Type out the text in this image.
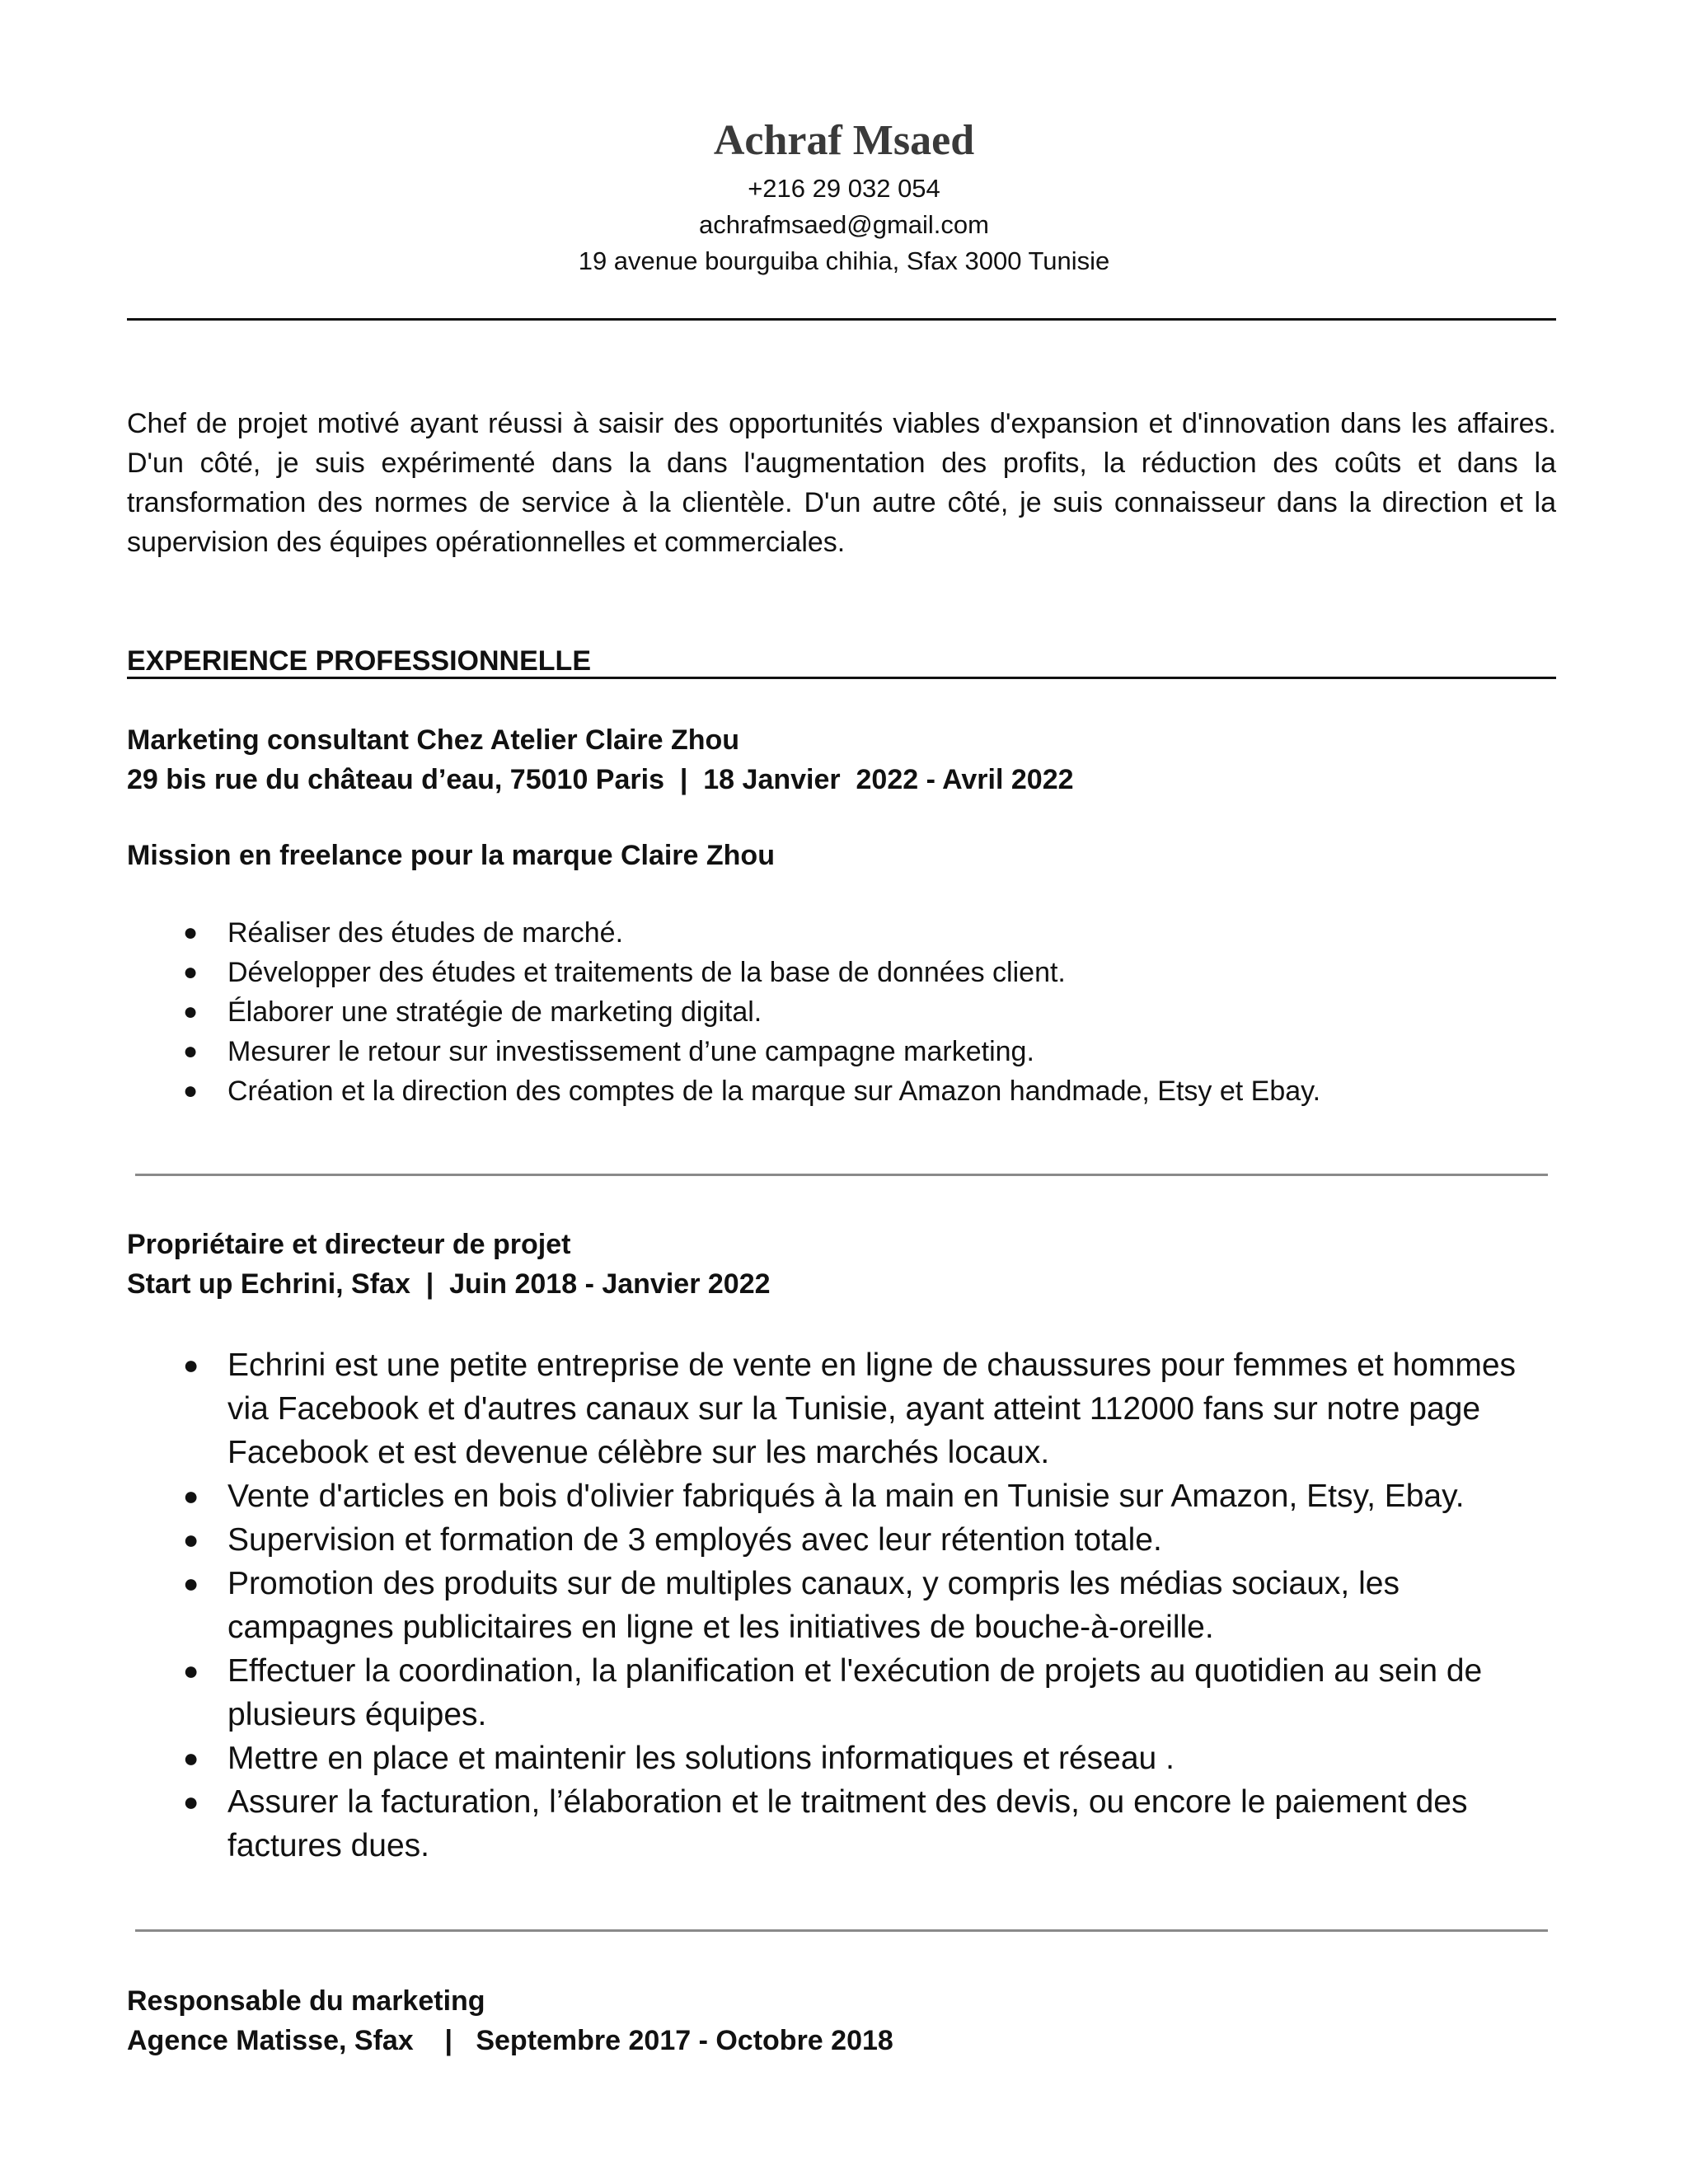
Achraf Msaed
+216 29 032 054
achrafmsaed@gmail.com
19 avenue bourguiba chihia, Sfax 3000 Tunisie
Chef de projet motivé ayant réussi à saisir des opportunités viables d'expansion et d'innovation dans les affaires. D'un côté, je suis expérimenté dans la dans l'augmentation des profits, la réduction des coûts et dans la transformation des normes de service à la clientèle. D'un autre côté, je suis connaisseur dans la direction et la supervision des équipes opérationnelles et commerciales.
EXPERIENCE PROFESSIONNELLE
Marketing consultant Chez Atelier Claire Zhou
29 bis rue du château d’eau, 75010 Paris  |  18 Janvier  2022 - Avril 2022
Mission en freelance pour la marque Claire Zhou
● Réaliser des études de marché.
● Développer des études et traitements de la base de données client.
● Élaborer une stratégie de marketing digital.
● Mesurer le retour sur investissement d’une campagne marketing.
● Création et la direction des comptes de la marque sur Amazon handmade, Etsy et Ebay.
Propriétaire et directeur de projet
Start up Echrini, Sfax  |  Juin 2018 - Janvier 2022
● Echrini est une petite entreprise de vente en ligne de chaussures pour femmes et hommes via Facebook et d'autres canaux sur la Tunisie, ayant atteint 112000 fans sur notre page Facebook et est devenue célèbre sur les marchés locaux.
● Vente d'articles en bois d'olivier fabriqués à la main en Tunisie sur Amazon, Etsy, Ebay.
● Supervision et formation de 3 employés avec leur rétention totale.
● Promotion des produits sur de multiples canaux, y compris les médias sociaux, les campagnes publicitaires en ligne et les initiatives de bouche-à-oreille.
● Effectuer la coordination, la planification et l'exécution de projets au quotidien au sein de plusieurs équipes.
● Mettre en place et maintenir les solutions informatiques et réseau .
● Assurer la facturation, l’élaboration et le traitment des devis, ou encore le paiement des factures dues.
Responsable du marketing
Agence Matisse, Sfax    |   Septembre 2017 - Octobre 2018
